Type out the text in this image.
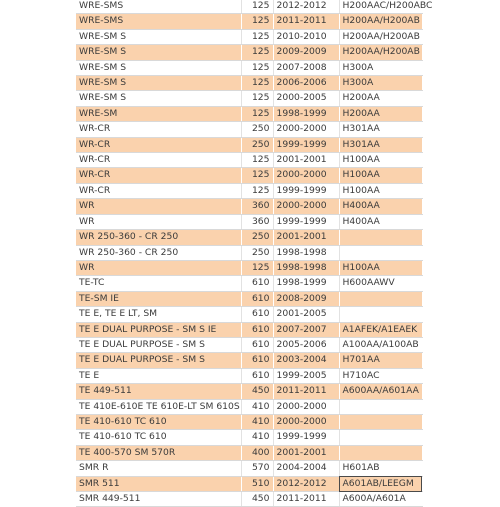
WRE-SMS	125	2012-2012	H200AAC/H200ABC
WRE-SMS	125	2011-2011	H200AA/H200AB
WRE-SM S	125	2010-2010	H200AA/H200AB
WRE-SM S	125	2009-2009	H200AA/H200AB
WRE-SM S	125	2007-2008	H300A
WRE-SM S	125	2006-2006	H300A
WRE-SM S	125	2000-2005	H200AA
WRE-SM	125	1998-1999	H200AA
WR-CR	250	2000-2000	H301AA
WR-CR	250	1999-1999	H301AA
WR-CR	125	2001-2001	H100AA
WR-CR	125	2000-2000	H100AA
WR-CR	125	1999-1999	H100AA
WR	360	2000-2000	H400AA
WR	360	1999-1999	H400AA
WR 250-360 - CR 250	250	2001-2001	
WR 250-360 - CR 250	250	1998-1998	
WR	125	1998-1998	H100AA
TE-TC	610	1998-1999	H600AAWV
TE-SM IE	610	2008-2009	
TE E, TE E LT, SM	610	2001-2005	
TE E DUAL PURPOSE - SM S IE	610	2007-2007	A1AFEK/A1EAEK
TE E DUAL PURPOSE - SM S	610	2005-2006	A100AA/A100AB
TE E DUAL PURPOSE - SM S	610	2003-2004	H701AA
TE E	610	1999-2005	H710AC
TE 449-511	450	2011-2011	A600AA/A601AA
TE 410E-610E TE 610E-LT SM 610S	410	2000-2000	
TE 410-610 TC 610	410	2000-2000	
TE 410-610 TC 610	410	1999-1999	
TE 400-570 SM 570R	400	2001-2001	
SMR R	570	2004-2004	H601AB
SMR 511	510	2012-2012	A601AB/LEEGM
SMR 449-511	450	2011-2011	A600A/A601A
